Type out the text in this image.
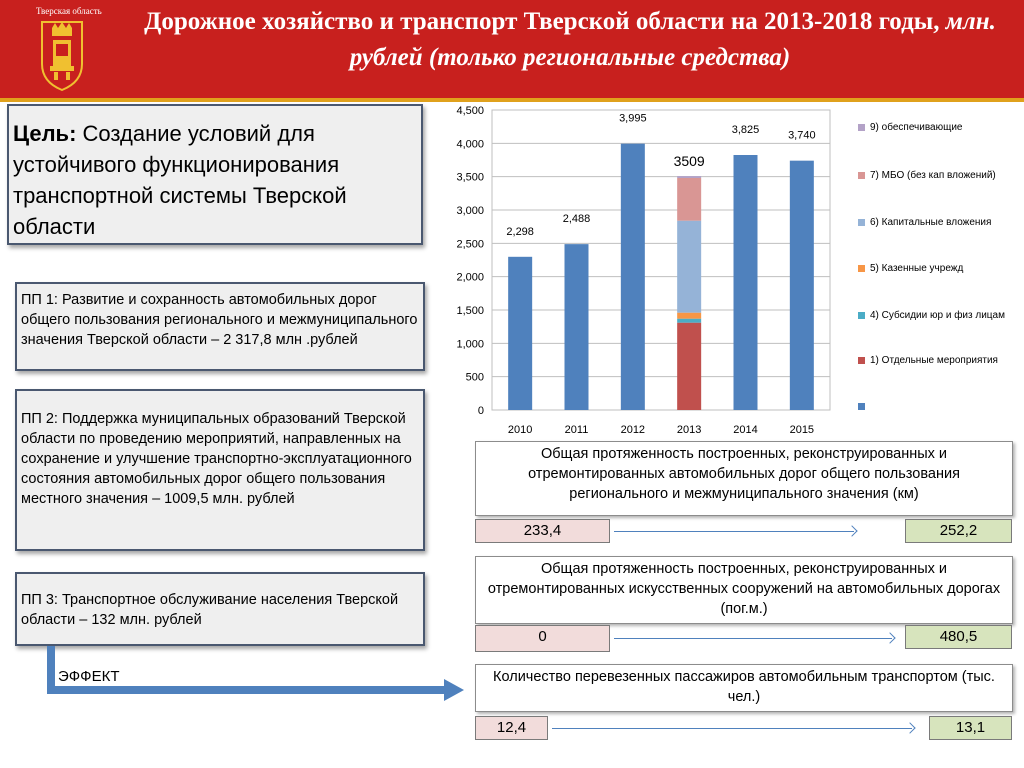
Тверская область	Дорожное хозяйство и транспорт Тверской области на 2013-2018 годы, млн. рублей (только региональные средства)
Цель: Создание условий для устойчивого функционирования транспортной системы Тверской области
ПП 1: Развитие и сохранность автомобильных дорог общего пользования регионального и межмуниципального значения Тверской области – 2 317,8 млн .рублей
ПП 2: Поддержка муниципальных образований Тверской области по проведению мероприятий, направленных на сохранение и улучшение транспортно-эксплуатационного состояния автомобильных дорог общего пользования местного значения – 1009,5 млн. рублей
ПП 3: Транспортное обслуживание населения Тверской области – 132 млн. рублей
ЭФФЕКТ
Общая протяженность построенных, реконструированных и отремонтированных автомобильных дорог общего пользования регионального и межмуниципального значения (км)
233,4	252,2
Общая протяженность построенных, реконструированных и отремонтированных искусственных сооружений на автомобильных дорогах (пог.м.)
0	480,5
Количество перевезенных пассажиров автомобильным транспортом (тыс. чел.)
12,4	13,1
0
500
1,000
1,500
2,000
2,500
3,000
3,500
4,000
4,500
2010	2011	2012	2013	2014	2015
2,298
2,488
3,995
3509
3,825	3,740
9) обеспечивающие
7) МБО (без кап вложений)
6) Капитальные вложения
5) Казенные учрежд
4) Субсидии юр и физ лицам
1) Отдельные мероприятия
